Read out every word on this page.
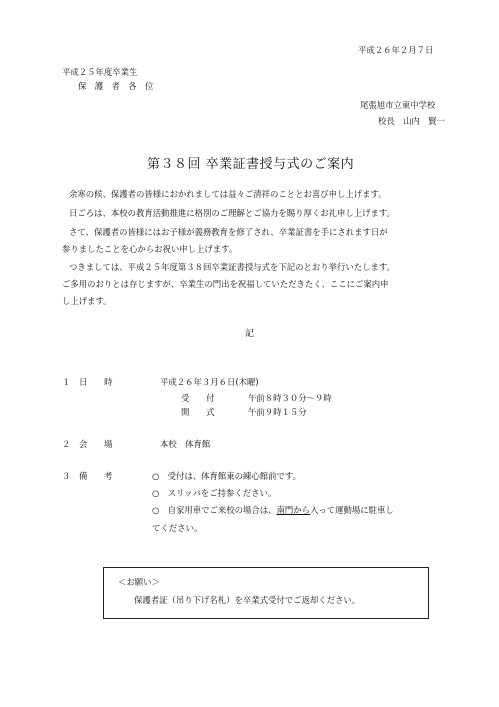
平成２６年２月７日
平成２５年度卒業生
保　護　者　各　位
尾張旭市立東中学校
校長　山内　賢一
第３８回 卒業証書授与式のご案内
余寒の候、保護者の皆様におかれましては益々ご清祥のこととお喜び申し上げます。
日ごろは、本校の教育活動推進に格別のご理解とご協力を賜り厚くお礼申し上げます。
さて、保護者の皆様にはお子様が義務教育を修了され、卒業証書を手にされます日が
参りましたことを心からお祝い申し上げます。
つきましては、平成２５年度第３８回卒業証書授与式を下記のとおり挙行いたします。
ご多用のおりとは存じますが、卒業生の門出を祝福していただきたく、ここにご案内申
し上げます。
記
１ 日　　時	平成２６年３月６日(木曜)
受　　付	午前８時３０分～９時
開　　式	午前９時１５分
２ 会　　場	本校　体育館
３ 備　　考	○　受付は、体育館東の練心館前です。
○　スリッパをご持参ください。
○　自家用車でご来校の場合は、南門から入って運動場に駐車し
てください。
＜お願い＞
保護者証（吊り下げ名札）を卒業式受付でご返却ください。
